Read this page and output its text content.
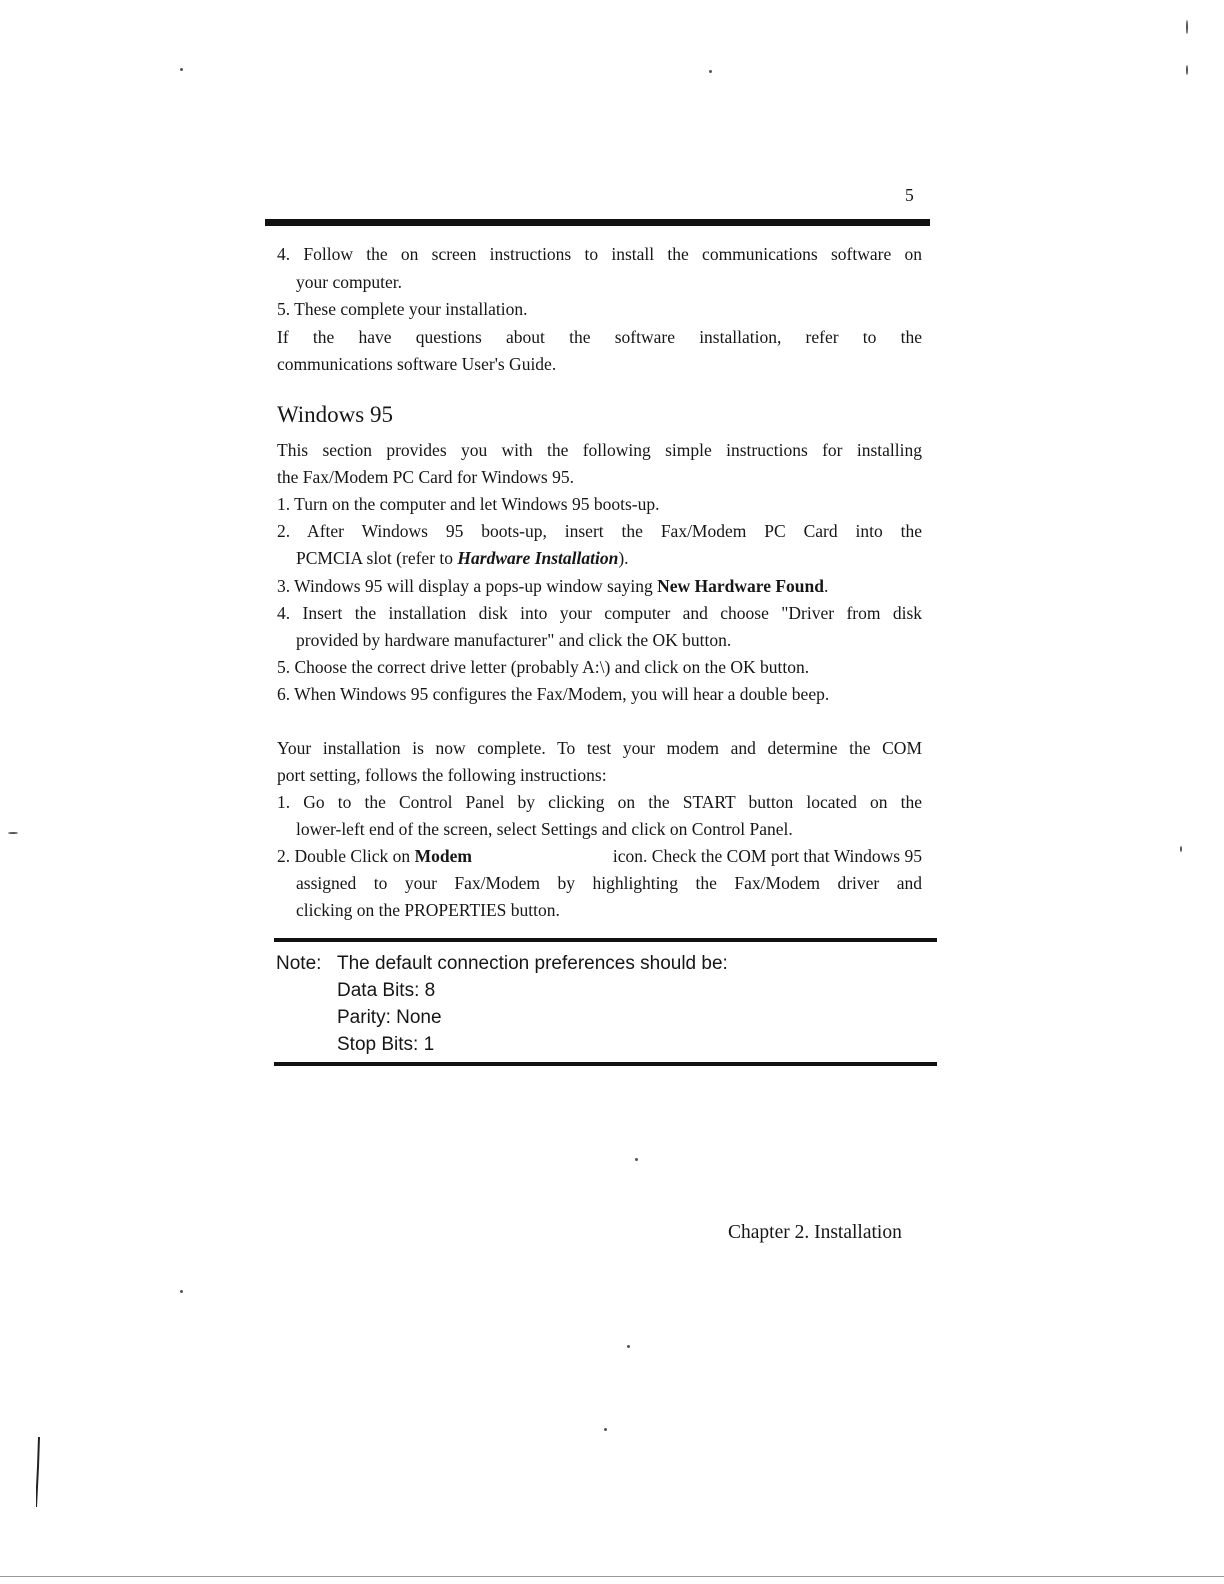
5
4. Follow the on screen instructions to install the communications software on
your computer.
5. These complete your installation.
If the have questions about the software installation, refer to the
communications software User's Guide.
Windows 95
This section provides you with the following simple instructions for installing
the Fax/Modem PC Card for Windows 95.
1. Turn on the computer and let Windows 95 boots-up.
2. After Windows 95 boots-up, insert the Fax/Modem PC Card into the
PCMCIA slot (refer to Hardware Installation).
3. Windows 95 will display a pops-up window saying New Hardware Found.
4. Insert the installation disk into your computer and choose "Driver from disk
provided by hardware manufacturer" and click the OK button.
5. Choose the correct drive letter (probably A:\) and click on the OK button.
6. When Windows 95 configures the Fax/Modem, you will hear a double beep.
Your installation is now complete. To test your modem and determine the COM
port setting, follows the following instructions:
1. Go to the Control Panel by clicking on the START button located on the
lower-left end of the screen, select Settings and click on Control Panel.
2. Double Click on Modem	icon. Check the COM port that Windows 95
assigned to your Fax/Modem by highlighting the Fax/Modem driver and
clicking on the PROPERTIES button.
Note: The default connection preferences should be:
Data Bits: 8
Parity: None
Stop Bits: 1
Chapter 2. Installation
